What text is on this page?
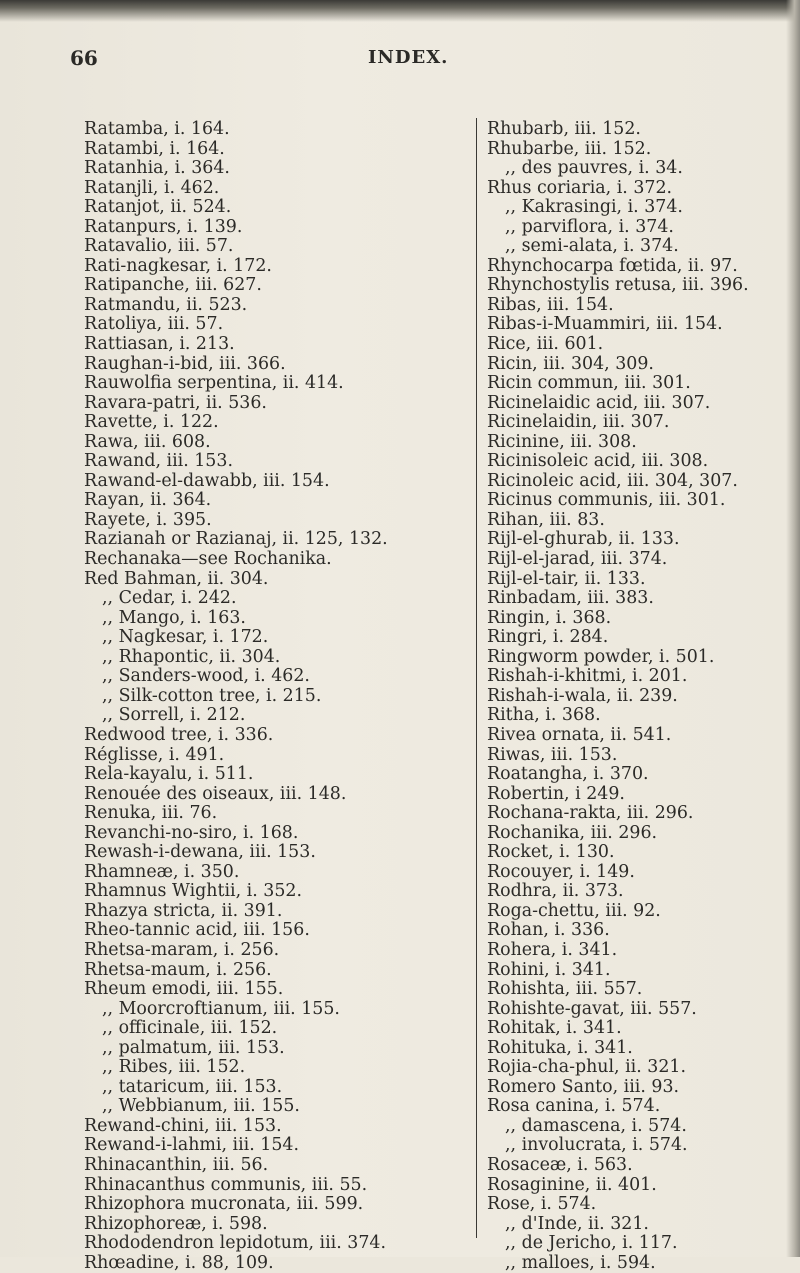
66	INDEX.
Ratamba, i. 164.
Ratambi, i. 164.
Ratanhia, i. 364.
Ratanjli, i. 462.
Ratanjot, ii. 524.
Ratanpurs, i. 139.
Ratavalio, iii. 57.
Rati-nagkesar, i. 172.
Ratipanche, iii. 627.
Ratmandu, ii. 523.
Ratoliya, iii. 57.
Rattiasan, i. 213.
Raughan-i-bid, iii. 366.
Rauwolfia serpentina, ii. 414.
Ravara-patri, ii. 536.
Ravette, i. 122.
Rawa, iii. 608.
Rawand, iii. 153.
Rawand-el-dawabb, iii. 154.
Rayan, ii. 364.
Rayete, i. 395.
Razianah or Razianaj, ii. 125, 132.
Rechanaka—see Rochanika.
Red Bahman, ii. 304.
,, Cedar, i. 242.
,, Mango, i. 163.
,, Nagkesar, i. 172.
,, Rhapontic, ii. 304.
,, Sanders-wood, i. 462.
,, Silk-cotton tree, i. 215.
,, Sorrell, i. 212.
Redwood tree, i. 336.
Réglisse, i. 491.
Rela-kayalu, i. 511.
Renouée des oiseaux, iii. 148.
Renuka, iii. 76.
Revanchi-no-siro, i. 168.
Rewash-i-dewana, iii. 153.
Rhamneæ, i. 350.
Rhamnus Wightii, i. 352.
Rhazya stricta, ii. 391.
Rheo-tannic acid, iii. 156.
Rhetsa-maram, i. 256.
Rhetsa-maum, i. 256.
Rheum emodi, iii. 155.
,, Moorcroftianum, iii. 155.
,, officinale, iii. 152.
,, palmatum, iii. 153.
,, Ribes, iii. 152.
,, tataricum, iii. 153.
,, Webbianum, iii. 155.
Rewand-chini, iii. 153.
Rewand-i-lahmi, iii. 154.
Rhinacanthin, iii. 56.
Rhinacanthus communis, iii. 55.
Rhizophora mucronata, iii. 599.
Rhizophoreæ, i. 598.
Rhododendron lepidotum, iii. 374.
Rhœadine, i. 88, 109.
Rhubarb, iii. 152.
Rhubarbe, iii. 152.
,, des pauvres, i. 34.
Rhus coriaria, i. 372.
,, Kakrasingi, i. 374.
,, parviflora, i. 374.
,, semi-alata, i. 374.
Rhynchocarpa fœtida, ii. 97.
Rhynchostylis retusa, iii. 396.
Ribas, iii. 154.
Ribas-i-Muammiri, iii. 154.
Rice, iii. 601.
Ricin, iii. 304, 309.
Ricin commun, iii. 301.
Ricinelaidic acid, iii. 307.
Ricinelaidin, iii. 307.
Ricinine, iii. 308.
Ricinisoleic acid, iii. 308.
Ricinoleic acid, iii. 304, 307.
Ricinus communis, iii. 301.
Rihan, iii. 83.
Rijl-el-ghurab, ii. 133.
Rijl-el-jarad, iii. 374.
Rijl-el-tair, ii. 133.
Rinbadam, iii. 383.
Ringin, i. 368.
Ringri, i. 284.
Ringworm powder, i. 501.
Rishah-i-khitmi, i. 201.
Rishah-i-wala, ii. 239.
Ritha, i. 368.
Rivea ornata, ii. 541.
Riwas, iii. 153.
Roatangha, i. 370.
Robertin, i 249.
Rochana-rakta, iii. 296.
Rochanika, iii. 296.
Rocket, i. 130.
Rocouyer, i. 149.
Rodhra, ii. 373.
Roga-chettu, iii. 92.
Rohan, i. 336.
Rohera, i. 341.
Rohini, i. 341.
Rohishta, iii. 557.
Rohishte-gavat, iii. 557.
Rohitak, i. 341.
Rohituka, i. 341.
Rojia-cha-phul, ii. 321.
Romero Santo, iii. 93.
Rosa canina, i. 574.
,, damascena, i. 574.
,, involucrata, i. 574.
Rosaceæ, i. 563.
Rosaginine, ii. 401.
Rose, i. 574.
,, d'Inde, ii. 321.
,, de Jericho, i. 117.
,, malloes, i. 594.
